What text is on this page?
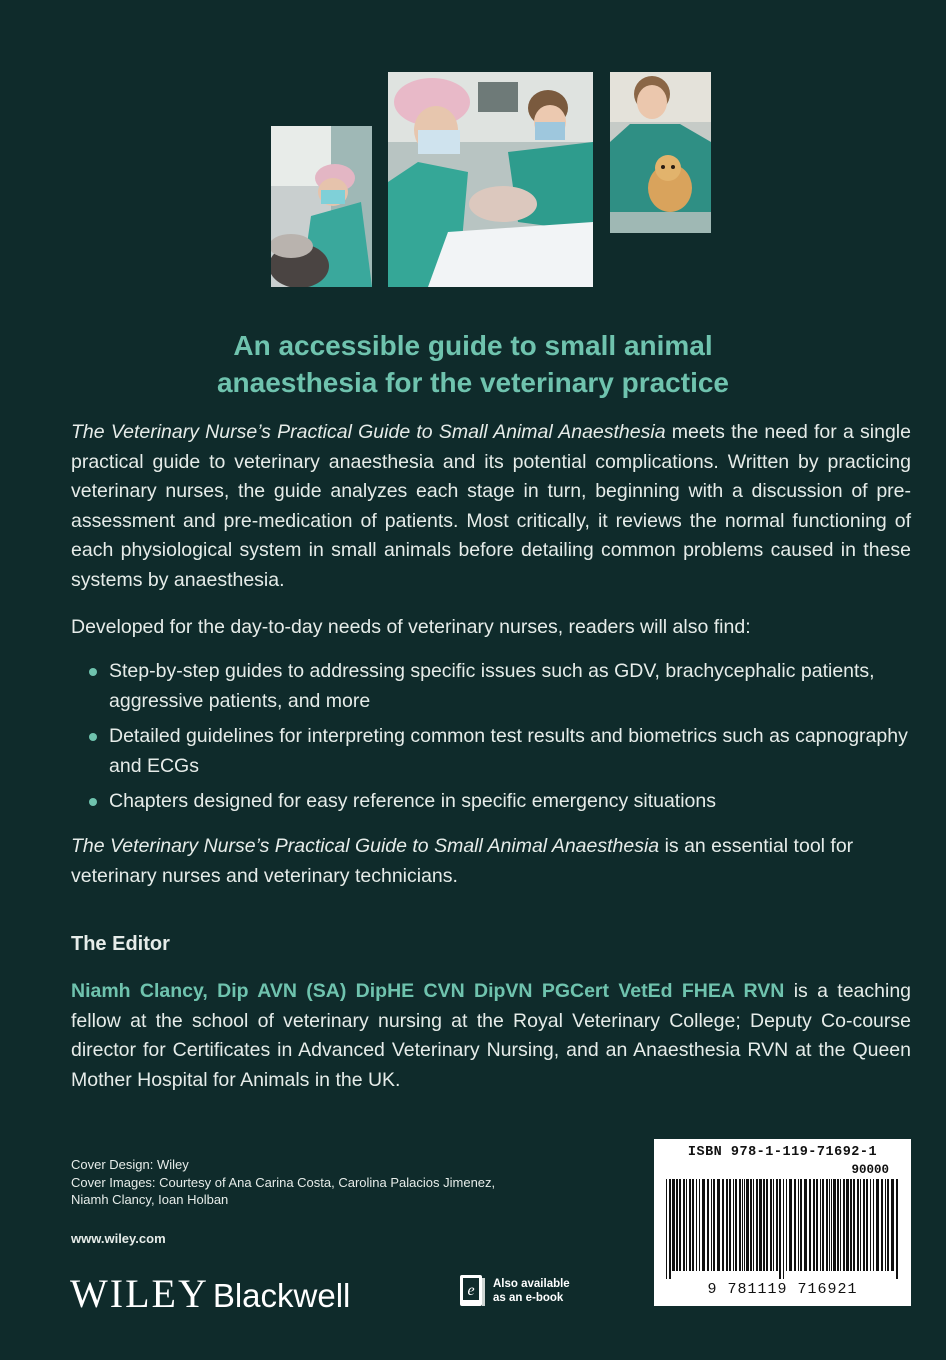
An accessible guide to small animal
anaesthesia for the veterinary practice
The Veterinary Nurse’s Practical Guide to Small Animal Anaesthesia meets the need for a single practical guide to veterinary anaesthesia and its potential complications. Written by practicing veterinary nurses, the guide analyzes each stage in turn, beginning with a discussion of pre-assessment and pre-medication of patients. Most critically, it reviews the normal functioning of each physiological system in small animals before detailing common problems caused in these systems by anaesthesia.
Developed for the day-to-day needs of veterinary nurses, readers will also find:
Step-by-step guides to addressing specific issues such as GDV, brachycephalic patients, aggressive patients, and more
Detailed guidelines for interpreting common test results and biometrics such as capnography and ECGs
Chapters designed for easy reference in specific emergency situations
The Veterinary Nurse’s Practical Guide to Small Animal Anaesthesia is an essential tool for veterinary nurses and veterinary technicians.
The Editor
Niamh Clancy, Dip AVN (SA) DipHE CVN DipVN PGCert VetEd FHEA RVN is a teaching fellow at the school of veterinary nursing at the Royal Veterinary College; Deputy Co-course director for Certificates in Advanced Veterinary Nursing, and an Anaesthesia RVN at the Queen Mother Hospital for Animals in the UK.
Cover Design: Wiley
Cover Images: Courtesy of Ana Carina Costa, Carolina Palacios Jimenez,
Niamh Clancy, Ioan Holban
www.wiley.com
WILEY Blackwell	e Also available
as an e-book
ISBN 978-1-119-71692-1
90000
9 781119 716921
